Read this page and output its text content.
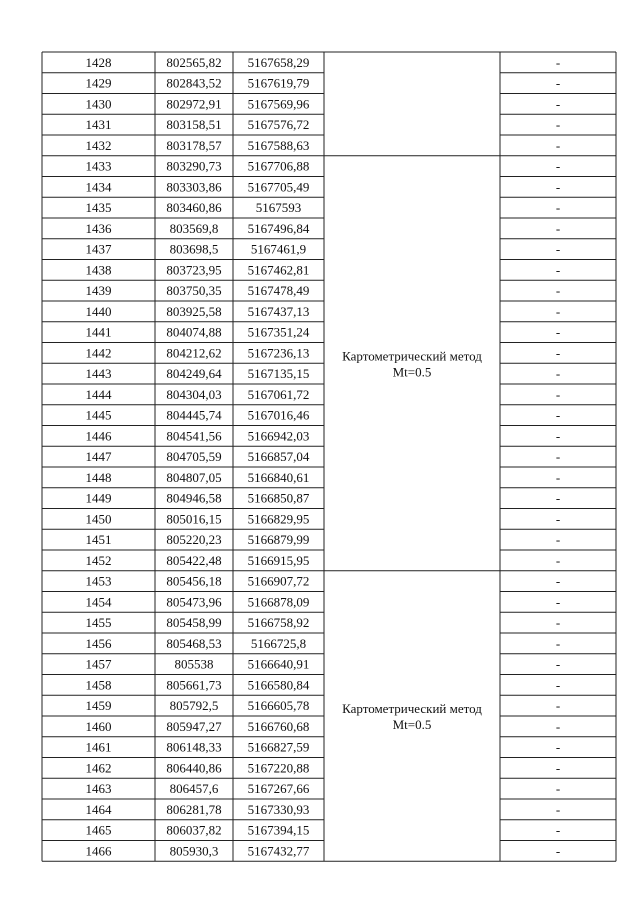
1428	802565,82 5167658,29	-
1429	802843,52 5167619,79	-
1430	802972,91 5167569,96	-
1431	803158,51 5167576,72	-
1432	803178,57 5167588,63	-
1433	803290,73 5167706,88	-
1434	803303,86 5167705,49	-
1435	803460,86	5167593	-
1436	803569,8 5167496,84	-
1437	803698,5	5167461,9	-
1438	803723,95 5167462,81	-
1439	803750,35 5167478,49	-
1440	803925,58 5167437,13	-
1441	804074,88 5167351,24	-
1442	804212,62 5167236,13	-
1443	804249,64 5167135,15	-
1444	804304,03 5167061,72	-
1445	804445,74 5167016,46	-
1446	804541,56 5166942,03	-
1447	804705,59 5166857,04	-
1448	804807,05 5166840,61	-
1449	804946,58 5166850,87	-
1450	805016,15 5166829,95	-
1451	805220,23 5166879,99	-
1452	805422,48 5166915,95	-
Картометрический метод
Mt=0.5
1453	805456,18 5166907,72	-
1454	805473,96 5166878,09	-
1455	805458,99 5166758,92	-
1456	805468,53 5166725,8	-
1457	805538	5166640,91	-
1458	805661,73 5166580,84	-
1459	805792,5 5166605,78	-
1460	805947,27 5166760,68	-
1461	806148,33 5166827,59	-
1462	806440,86 5167220,88	-
1463	806457,6 5167267,66	-
1464	806281,78 5167330,93	-
1465	806037,82 5167394,15	-
1466	805930,3 5167432,77	-
Картометрический метод
Mt=0.5
